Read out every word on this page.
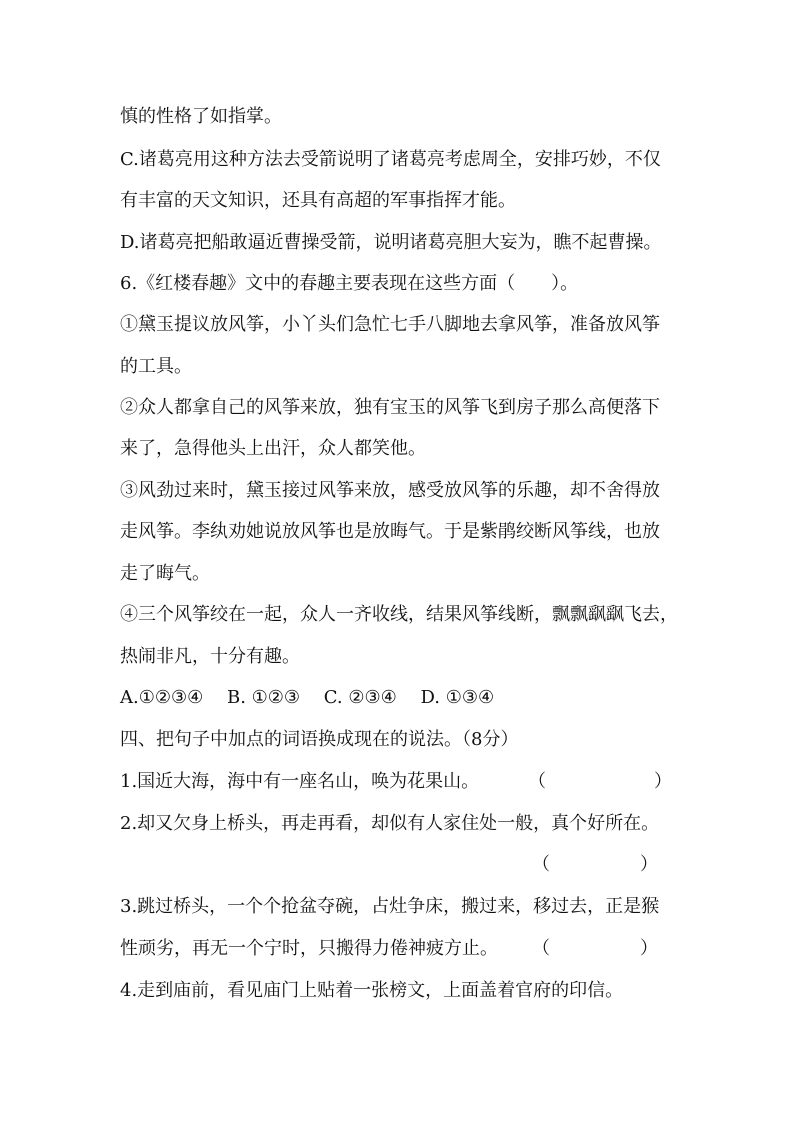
慎的性格了如指掌。
C.诸葛亮用这种方法去受箭说明了诸葛亮考虑周全，安排巧妙，不仅
有丰富的天文知识，还具有高超的军事指挥才能。
D.诸葛亮把船敢逼近曹操受箭，说明诸葛亮胆大妄为，瞧不起曹操。
6.《红楼春趣》文中的春趣主要表现在这些方面（　　）。
①黛玉提议放风筝，小丫头们急忙七手八脚地去拿风筝，准备放风筝
的工具。
②众人都拿自己的风筝来放，独有宝玉的风筝飞到房子那么高便落下
来了，急得他头上出汗，众人都笑他。
③风劲过来时，黛玉接过风筝来放，感受放风筝的乐趣，却不舍得放
走风筝。李纨劝她说放风筝也是放晦气。于是紫鹃绞断风筝线，也放
走了晦气。
④三个风筝绞在一起，众人一齐收线，结果风筝线断，飘飘飖飖飞去，
热闹非凡，十分有趣。
A.①②③④　 B. ①②③　 C. ②③④　 D. ①③④
四、把句子中加点的词语换成现在的说法。（8分）
1.国近大海，海中有一座名山，唤为花果山。	（　　　　　　）
2.却又欠身上桥头，再走再看，却似有人家住处一般，真个好所在。
（　　　　　）
3.跳过桥头，一个个抢盆夺碗，占灶争床，搬过来，移过去，正是猴
性顽劣，再无一个宁时，只搬得力倦神疲方止。 （　　　　　）
4.走到庙前，看见庙门上贴着一张榜文，上面盖着官府的印信。
